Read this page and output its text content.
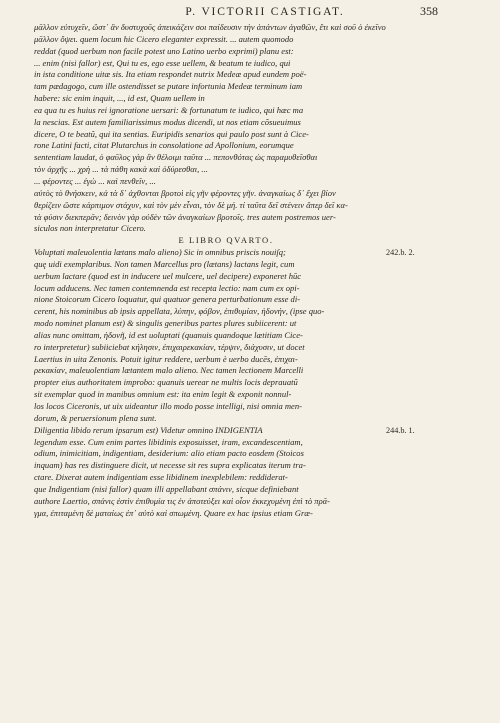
P. VICTORII CASTIGAT.	358
μᾶλλον εὐτυχεῖν, ὥστ᾽ ἂν δυστυχοῦς ἀπεικάζειν σοι παίδευσιν τὴν ἁπάντων ἀγαθῶν, ἔτι καὶ σοῦ ὁ ἐκεῖνο
μᾶλλον ὄψει. quem locum hic Cicero eleganter expressit. ... autem quomodo
reddat (quod uerbum non facile potest uno Latino uerbo exprimi) planu est:
... enim (nisi fallor) est, Qui tu es, ego esse uellem, & beatum te iudico, qui
in ista conditione uitæ sis. Ita etiam respondet nutrix Medeæ apud eundem poë-
tam pædagogo, cum ille ostendisset se putare infortunia Medeæ terminum iam
habere: sic enim inquit, ..., id est, Quam uellem in
ea qua tu es huius rei ignoratione uersari: & fortunatum te iudico, qui hæc ma
la nescias. Est autem familiarissimus modus dicendi, ut nos etiam cõsueuimus
dicere, O te beatũ, qui ita sentias. Euripidis senarios qui paulo post sunt à Cice-
rone Latini facti, citat Plutarchus in consolatione ad Apollonium, eorumque
sententiam laudat, ὁ φαῦλος γὰρ ἂν θέλοιμι ταῦτα ... πεπονθότας ὡς παραμυθεῖσθαι
τὸν ἀρχῆς ... χρὴ ... τὰ πάθη κακὰ καὶ ὀδύρεσθαι, ...
... φέροντες ... ἐγὼ ... καὶ πενθεῖν, ...
αὐτὸς τὸ θνήσκειν, κἀ τὰ δ᾽ ἀχθονται βροτοὶ εἰς γῆν φέροντες γῆν. ἀναγκαίως δ᾽ ἔχει βίον
θερίζειν ὥστε κάρπιμον στάχυν, καὶ τὸν μὲν εἶναι, τὸν δὲ μή. τί ταῦτα δεῖ στένειν ἅπερ δεῖ κα-
τὰ φύσιν διεκπερᾶν; δεινὸν γὰρ οὐδὲν τῶν ἀναγκαίων βροτοῖς. tres autem postremos uer-
siculos non interpretatur Cicero.
E LIBRO QVARTO.
Voluptati maleuolentia lætans malo alieno) Sic in omnibus priscis nouiſq;
quę uidi exemplaribus. Non tamen Marcellus pro (lætans) lactans legit, cum
uerbum lactare (quod est in inducere uel mulcere, uel decipere) exponeret hūc
locum adducens. Nec tamen contemnenda est recepta lectio: nam cum ex opi-
nione Stoicorum Cicero loquatur, qui quatuor genera perturbationum esse di-
cerent, his nominibus ab ipsis appellata, λύπην, φόβον, ἐπιθυμίαν, ἡδονήν, (ipse quo-
modo nominet planum est) & singulis generibus partes plures subiicerent: ut
alias nunc omittam, ἡδονῆ, id est uoluptati (quanuis quandoque lætitiam Cice-
ro interpretetur) subiiciebat κήλησιν, ἐπιχαιρεκακίαν, τέρψιν, διάχυσιν, ut docet
Laertius in uita Zenonis. Potuit igitur reddere, uerbum è uerbo ducēs, ἐπιχαι-
ρεκακίαν, maleuolentiam lætantem malo alieno. Nec tamen lectionem Marcelli
propter eius authoritatem improbo: quanuis uerear ne multis locis deprauatũ
sit exemplar quod in manibus omnium est: ita enim legit & exponit nonnul-
los locos Ciceronis, ut uix uideantur illo modo posse intelligi, nisi omnia men-
dorum, & peruersionum plena sunt.
Diligentia libido rerum ipsarum est) Videtur omnino INDIGENTIA
legendum esse. Cum enim partes libidinis exposuisset, iram, excandescentiam,
odium, inimicitiam, indigentiam, desiderium: alio etiam pacto eosdem (Stoicos
inquam) has res distinguere dicit, ut necesse sit res supra explicatas iterum tra-
ctare. Dixerat autem indigentiam esse libidinem inexplebilem: reddiderat-
que Indigentiam (nisi fallor) quam illi appellabant σπάνιν, sicque definiebant
authore Laertio, σπάνις ἐστὶν ἐπιθυμία τις ἐν ἀποτεύξει καὶ οἷον ἐκκεχυμένη ἐπὶ τὸ πρᾶ-
γμα, ἐπιταμένη δὲ ματαίως ἐπ᾽ αὐτὸ καὶ σπωμένη. Quare ex hac ipsius etiam Græ-
242.b. 2.
244.b. 1.
